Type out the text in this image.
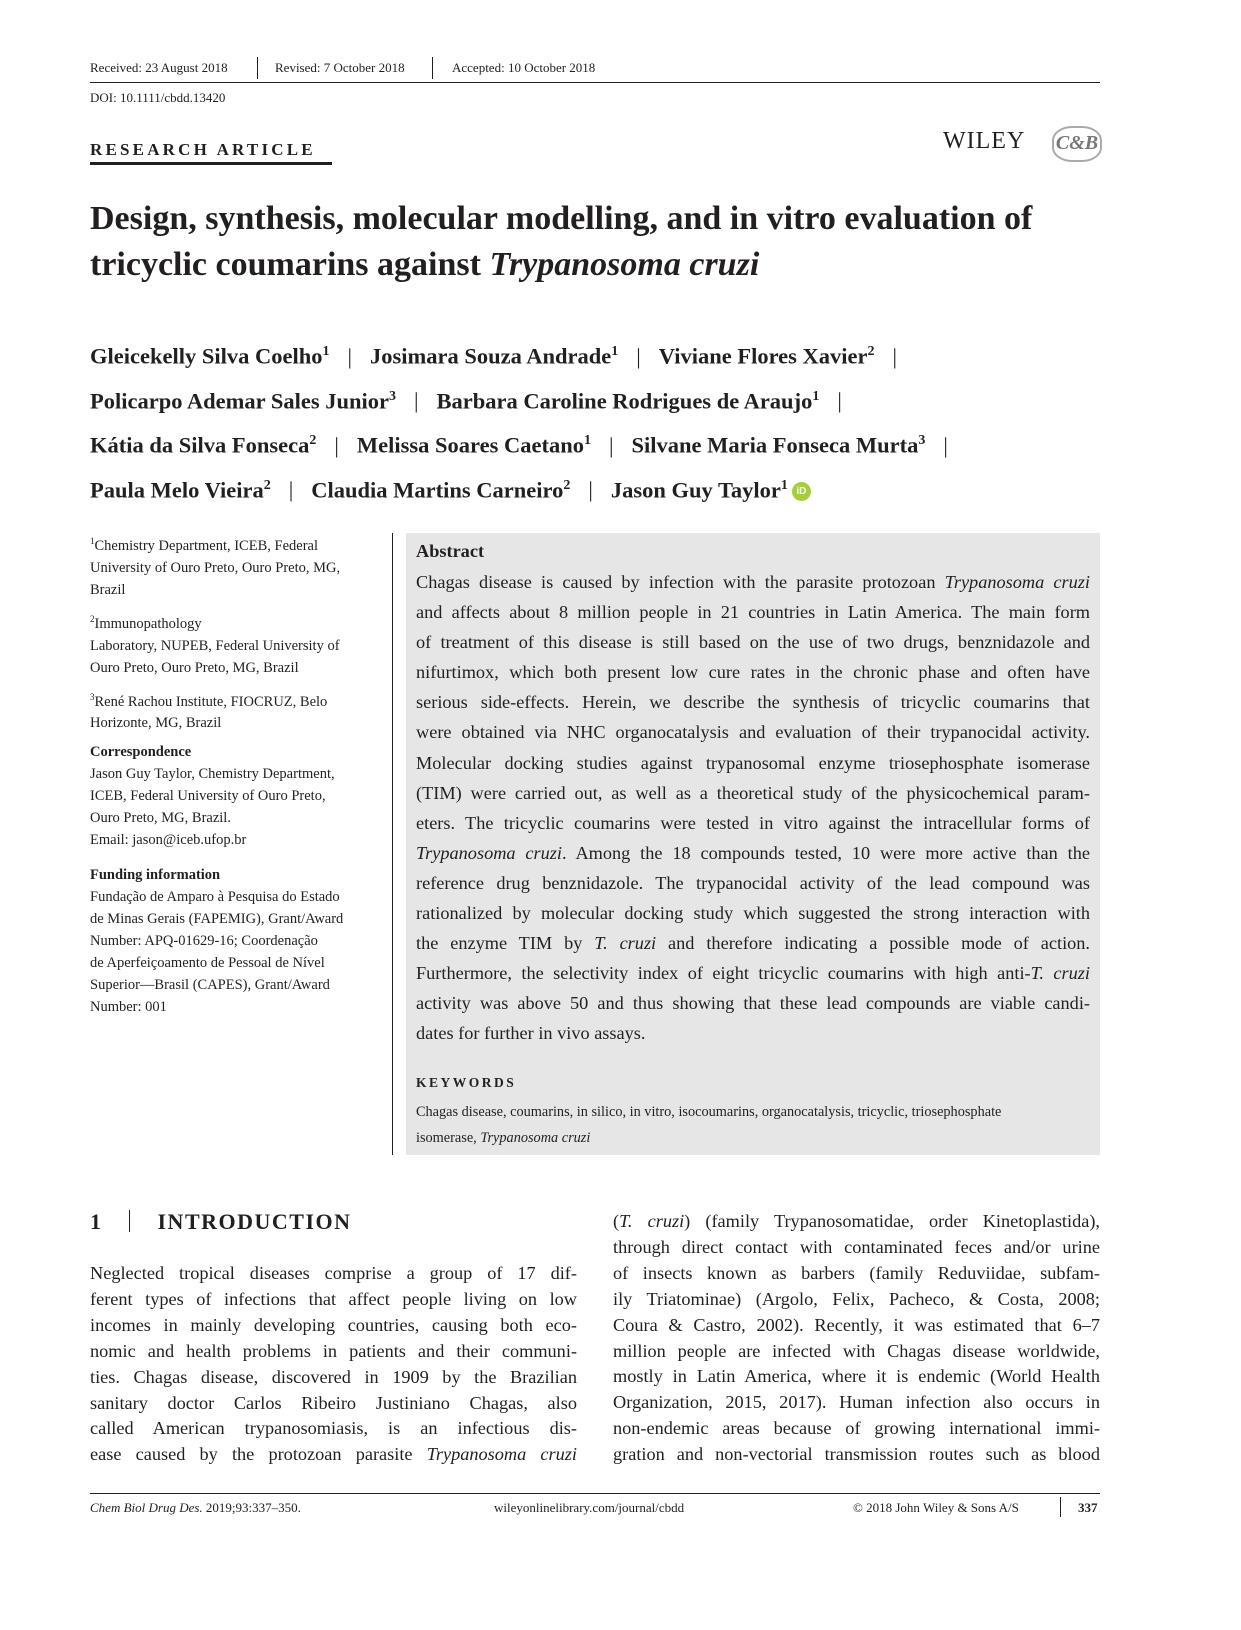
Received: 23 August 2018	Revised: 7 October 2018	Accepted: 10 October 2018
DOI: 10.1111/cbdd.13420
RESEARCH ARTICLE	WILEY C&B
Design, synthesis, molecular modelling, and in vitro evaluation of
tricyclic coumarins against Trypanosoma cruzi
Gleicekelly Silva Coelho$^1$ | Josimara Souza Andrade$^1$ | Viviane Flores Xavier$^2$ |
Policarpo Ademar Sales Junior$^3$ | Barbara Caroline Rodrigues de Araujo$^1$ |
Kátia da Silva Fonseca$^2$ | Melissa Soares Caetano$^1$ | Silvane Maria Fonseca Murta$^3$ |
Paula Melo Vieira$^2$ | Claudia Martins Carneiro$^2$ | Jason Guy Taylor$^1$ iD
$^1$Chemistry Department, ICEB, Federal
University of Ouro Preto, Ouro Preto, MG,
Brazil
$^2$Immunopathology
Laboratory, NUPEB, Federal University of
Ouro Preto, Ouro Preto, MG, Brazil
$^3$René Rachou Institute, FIOCRUZ, Belo
Horizonte, MG, Brazil
Correspondence
Jason Guy Taylor, Chemistry Department,
ICEB, Federal University of Ouro Preto,
Ouro Preto, MG, Brazil.
Email: jason@iceb.ufop.br
Funding information
Fundação de Amparo à Pesquisa do Estado
de Minas Gerais (FAPEMIG), Grant/Award
Number: APQ-01629-16; Coordenação
de Aperfeiçoamento de Pessoal de Nível
Superior—Brasil (CAPES), Grant/Award
Number: 001
Abstract
Chagas disease is caused by infection with the parasite protozoan Trypanosoma cruzi
and affects about 8 million people in 21 countries in Latin America. The main form
of treatment of this disease is still based on the use of two drugs, benznidazole and
nifurtimox, which both present low cure rates in the chronic phase and often have
serious side-effects. Herein, we describe the synthesis of tricyclic coumarins that
were obtained via NHC organocatalysis and evaluation of their trypanocidal activity.
Molecular docking studies against trypanosomal enzyme triosephosphate isomerase
(TIM) were carried out, as well as a theoretical study of the physicochemical param-
eters. The tricyclic coumarins were tested in vitro against the intracellular forms of
Trypanosoma cruzi. Among the 18 compounds tested, 10 were more active than the
reference drug benznidazole. The trypanocidal activity of the lead compound was
rationalized by molecular docking study which suggested the strong interaction with
the enzyme TIM by T. cruzi and therefore indicating a possible mode of action.
Furthermore, the selectivity index of eight tricyclic coumarins with high anti-T. cruzi
activity was above 50 and thus showing that these lead compounds are viable candi-
dates for further in vivo assays.
KEYWORDS
Chagas disease, coumarins, in silico, in vitro, isocoumarins, organocatalysis, tricyclic, triosephosphate
isomerase, Trypanosoma cruzi
1	INTRODUCTION
Neglected tropical diseases comprise a group of 17 dif-
ferent types of infections that affect people living on low
incomes in mainly developing countries, causing both eco-
nomic and health problems in patients and their communi-
ties. Chagas disease, discovered in 1909 by the Brazilian
sanitary doctor Carlos Ribeiro Justiniano Chagas, also
called American trypanosomiasis, is an infectious dis-
ease caused by the protozoan parasite Trypanosoma cruzi
(T. cruzi) (family Trypanosomatidae, order Kinetoplastida),
through direct contact with contaminated feces and/or urine
of insects known as barbers (family Reduviidae, subfam-
ily Triatominae) (Argolo, Felix, Pacheco, & Costa, 2008;
Coura & Castro, 2002). Recently, it was estimated that 6–7
million people are infected with Chagas disease worldwide,
mostly in Latin America, where it is endemic (World Health
Organization, 2015, 2017). Human infection also occurs in
non-endemic areas because of growing international immi-
gration and non-vectorial transmission routes such as blood
Chem Biol Drug Des. 2019;93:337–350.	wileyonlinelibrary.com/journal/cbdd	© 2018 John Wiley & Sons A/S	337
